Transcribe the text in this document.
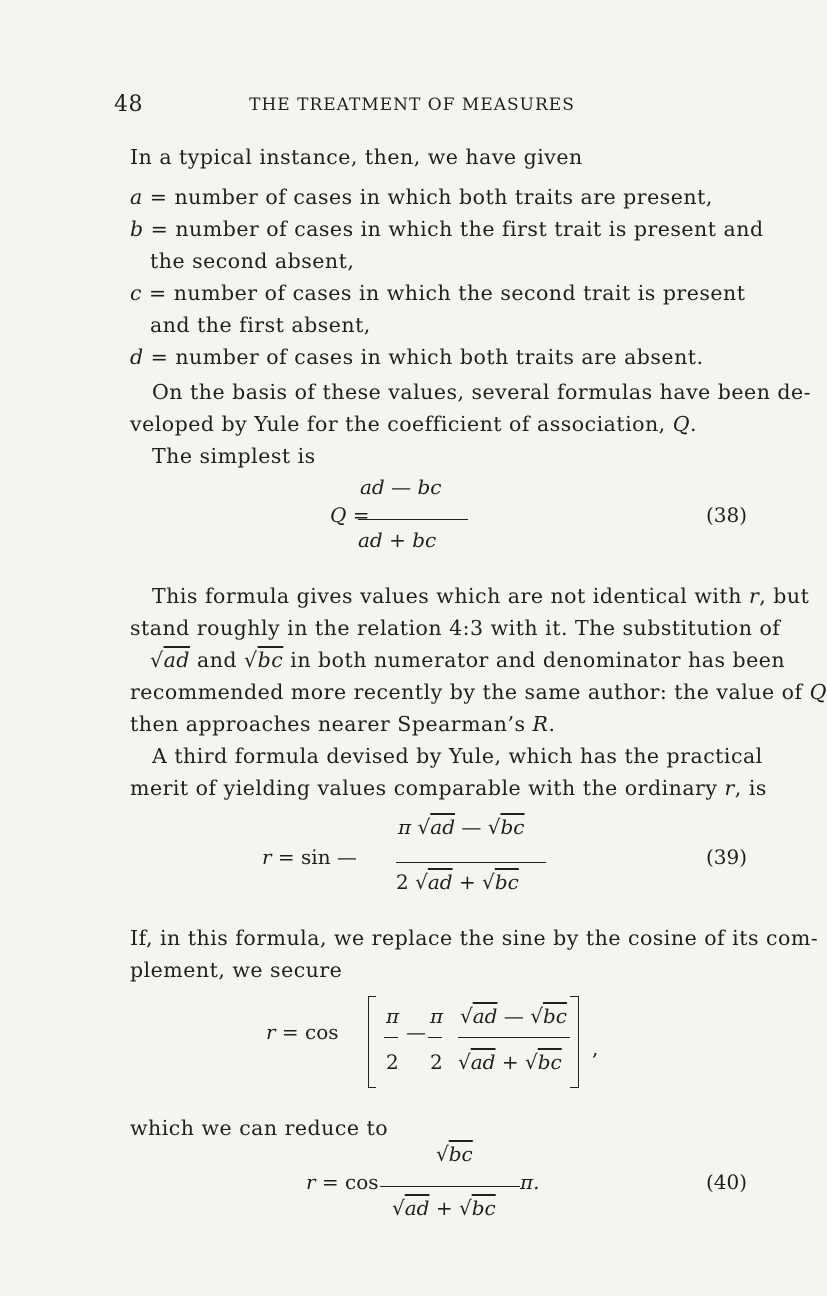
48	THE TREATMENT OF MEASURES
In a typical instance, then, we have given
a = number of cases in which both traits are present,
b = number of cases in which the first trait is present and the second absent,
c = number of cases in which the second trait is present and the first absent,
d = number of cases in which both traits are absent.
On the basis of these values, several formulas have been de-
veloped by Yule for the coefficient of association, Q.
The simplest is
ad — bc
Q =
ad + bc
(38)
This formula gives values which are not identical with r, but
stand roughly in the relation 4:3 with it. The substitution of
√ad and √bc in both numerator and denominator has been
recommended more recently by the same author: the value of Q
then approaches nearer Spearman’s R.
A third formula devised by Yule, which has the practical
merit of yielding values comparable with the ordinary r, is
π √ad — √bc
r = sin —
2 √ad + √bc
(39)
If, in this formula, we replace the sine by the cosine of its com-
plement, we secure
r = cos
π
2
—
π
2
√ad — √bc
√ad + √bc
,
which we can reduce to
√bc
r = cos	π.
√ad + √bc
(40)
